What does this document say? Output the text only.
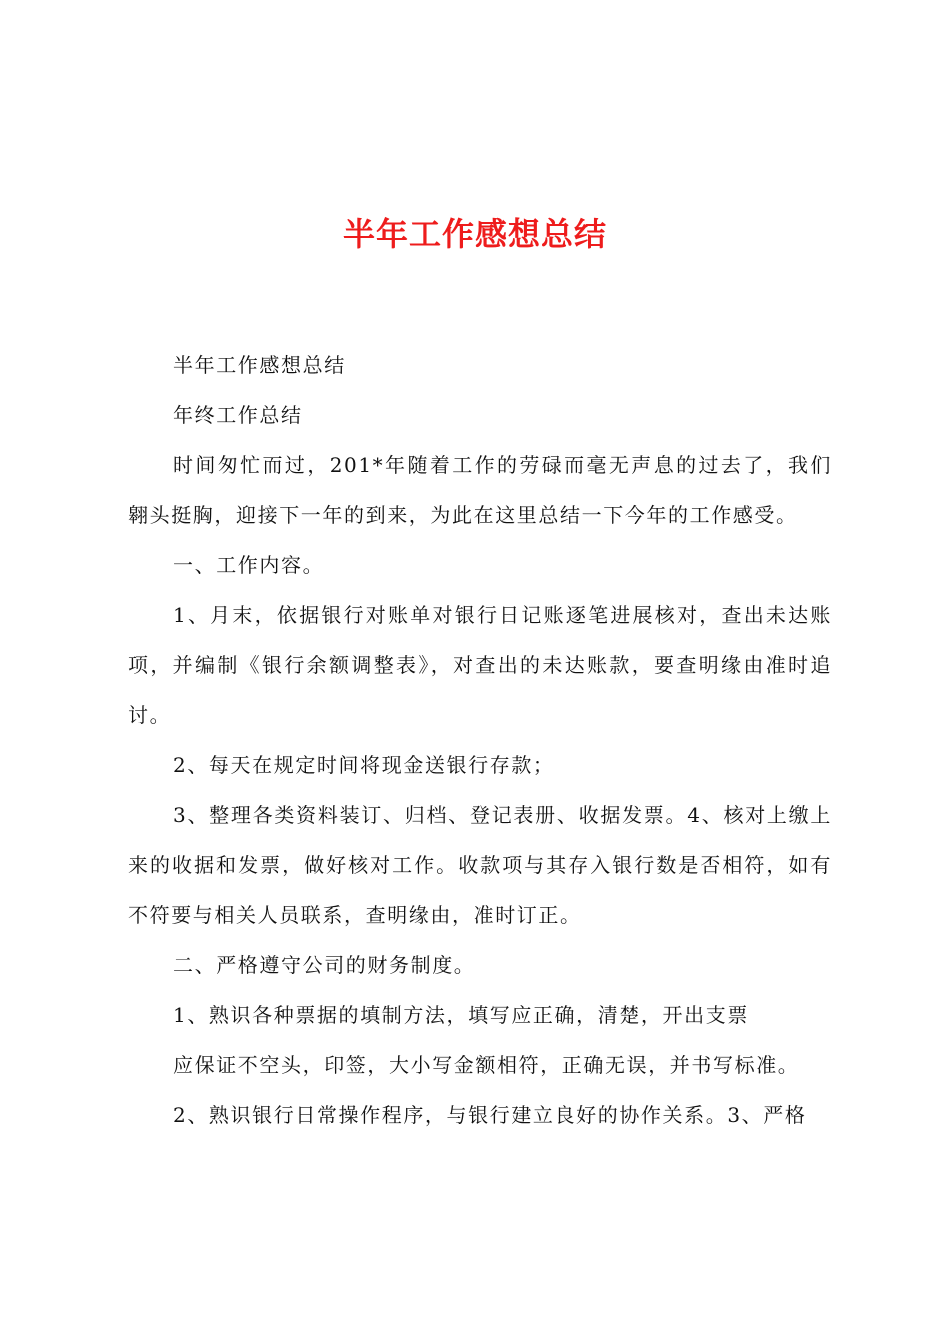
半年工作感想总结

半年工作感想总结

年终工作总结

时间匆忙而过，201*年随着工作的劳碌而毫无声息的过去了，我们翱头挺胸，迎接下一年的到来，为此在这里总结一下今年的工作感受。

一、工作内容。

1、月末，依据银行对账单对银行日记账逐笔进展核对，查出未达账项，并编制《银行余额调整表》，对查出的未达账款，要查明缘由准时追讨。

2、每天在规定时间将现金送银行存款；

3、整理各类资料装订、归档、登记表册、收据发票。4、核对上缴上来的收据和发票，做好核对工作。收款项与其存入银行数是否相符，如有不符要与相关人员联系，查明缘由，准时订正。

二、严格遵守公司的财务制度。

1、熟识各种票据的填制方法，填写应正确，清楚，开出支票

应保证不空头，印签，大小写金额相符，正确无误，并书写标准。

2、熟识银行日常操作程序，与银行建立良好的协作关系。3、严格
